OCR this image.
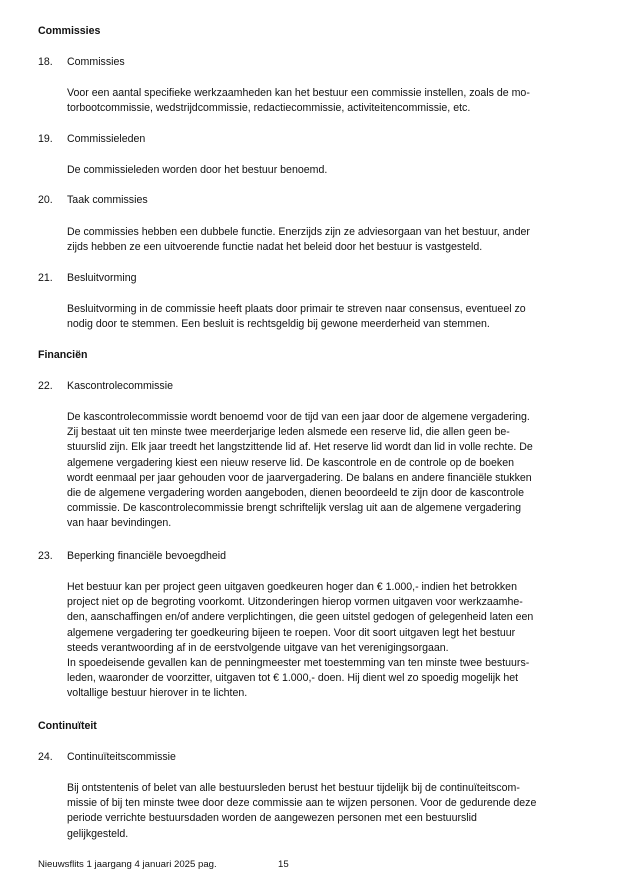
Commissies
18. Commissies
Voor een aantal specifieke werkzaamheden kan het bestuur een commissie instellen, zoals de mo-
torbootcommissie, wedstrijdcommissie, redactiecommissie, activiteitencommissie, etc.
19. Commissieleden
De commissieleden worden door het bestuur benoemd.
20. Taak commissies
De commissies hebben een dubbele functie. Enerzijds zijn ze adviesorgaan van het bestuur, ander
zijds hebben ze een uitvoerende functie nadat het beleid door het bestuur is vastgesteld.
21. Besluitvorming
Besluitvorming in de commissie heeft plaats door primair te streven naar consensus, eventueel zo
nodig door te stemmen. Een besluit is rechtsgeldig bij gewone meerderheid van stemmen.
Financiën
22. Kascontrolecommissie
De kascontrolecommissie wordt benoemd voor de tijd van een jaar door de algemene vergadering.
Zij bestaat uit ten minste twee meerderjarige leden alsmede een reserve lid, die allen geen be-
stuurslid zijn. Elk jaar treedt het langstzittende lid af. Het reserve lid wordt dan lid in volle rechte. De
algemene vergadering kiest een nieuw reserve lid. De kascontrole en de controle op de boeken
wordt eenmaal per jaar gehouden voor de jaarvergadering. De balans en andere financiële stukken
die de algemene vergadering worden aangeboden, dienen beoordeeld te zijn door de kascontrole
commissie. De kascontrolecommissie brengt schriftelijk verslag uit aan de algemene vergadering
van haar bevindingen.
23. Beperking financiële bevoegdheid
Het bestuur kan per project geen uitgaven goedkeuren hoger dan € 1.000,- indien het betrokken
project niet op de begroting voorkomt. Uitzonderingen hierop vormen uitgaven voor werkzaamhe-
den, aanschaffingen en/of andere verplichtingen, die geen uitstel gedogen of gelegenheid laten een
algemene vergadering ter goedkeuring bijeen te roepen. Voor dit soort uitgaven legt het bestuur
steeds verantwoording af in de eerstvolgende uitgave van het verenigingsorgaan.
In spoedeisende gevallen kan de penningmeester met toestemming van ten minste twee bestuurs-
leden, waaronder de voorzitter, uitgaven tot € 1.000,- doen. Hij dient wel zo spoedig mogelijk het
voltallige bestuur hierover in te lichten.
Continuïteit
24. Continuïteitscommissie
Bij ontstentenis of belet van alle bestuursleden berust het bestuur tijdelijk bij de continuïteitscom-
missie of bij ten minste twee door deze commissie aan te wijzen personen. Voor de gedurende deze
periode verrichte bestuursdaden worden de aangewezen personen met een bestuurslid
gelijkgesteld.
Nieuwsflits 1 jaargang 4 januari 2025 pag.	15
